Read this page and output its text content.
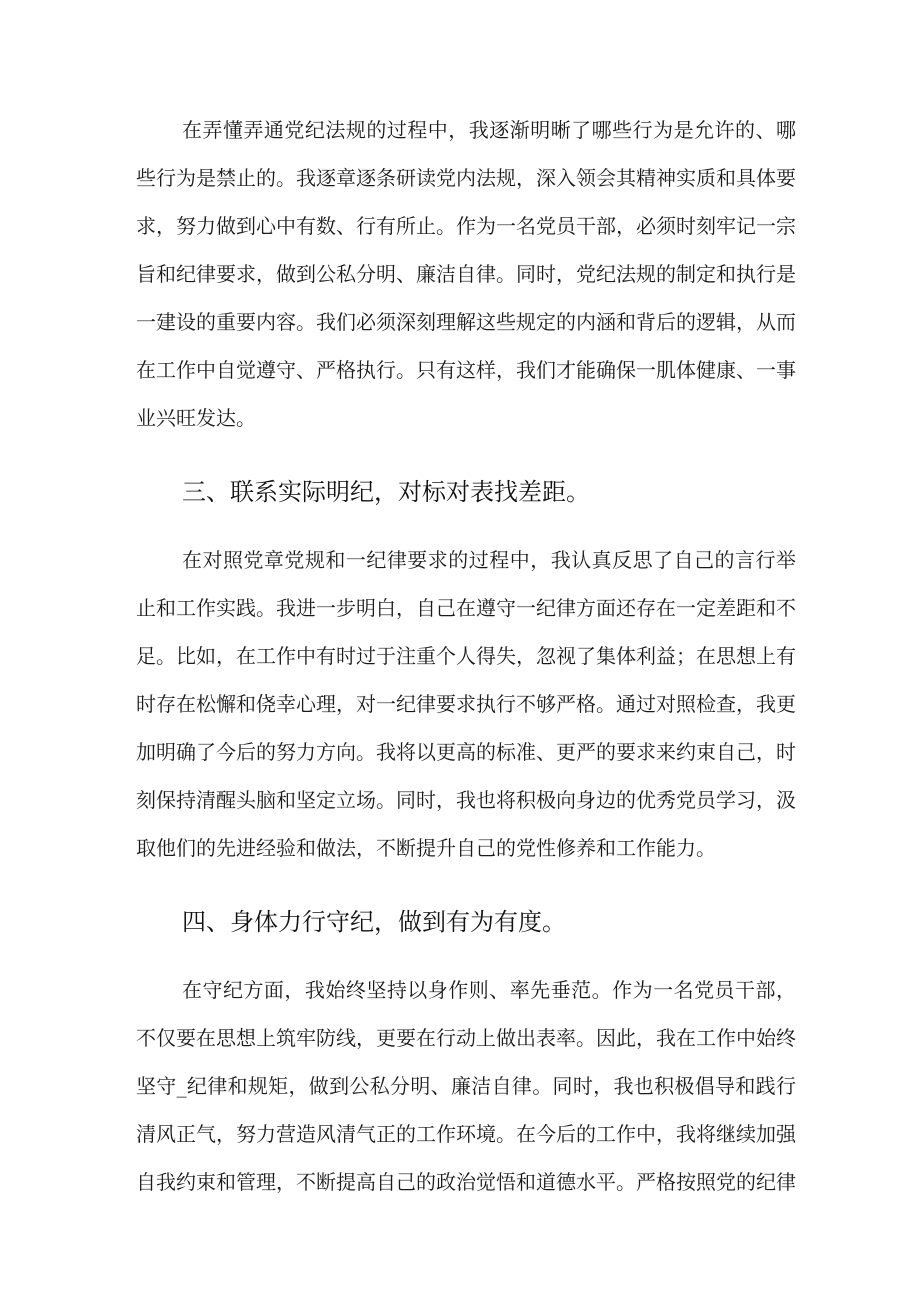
在弄懂弄通党纪法规的过程中，我逐渐明晰了哪些行为是允许的、哪
些行为是禁止的。我逐章逐条研读党内法规，深入领会其精神实质和具体要
求，努力做到心中有数、行有所止。作为一名党员干部，必须时刻牢记一宗
旨和纪律要求，做到公私分明、廉洁自律。同时，党纪法规的制定和执行是
一建设的重要内容。我们必须深刻理解这些规定的内涵和背后的逻辑，从而
在工作中自觉遵守、严格执行。只有这样，我们才能确保一肌体健康、一事
业兴旺发达。
三、联系实际明纪，对标对表找差距。
在对照党章党规和一纪律要求的过程中，我认真反思了自己的言行举
止和工作实践。我进一步明白，自己在遵守一纪律方面还存在一定差距和不
足。比如，在工作中有时过于注重个人得失，忽视了集体利益；在思想上有
时存在松懈和侥幸心理，对一纪律要求执行不够严格。通过对照检查，我更
加明确了今后的努力方向。我将以更高的标准、更严的要求来约束自己，时
刻保持清醒头脑和坚定立场。同时，我也将积极向身边的优秀党员学习，汲
取他们的先进经验和做法，不断提升自己的党性修养和工作能力。
四、身体力行守纪，做到有为有度。
在守纪方面，我始终坚持以身作则、率先垂范。作为一名党员干部，
不仅要在思想上筑牢防线，更要在行动上做出表率。因此，我在工作中始终
坚守_纪律和规矩，做到公私分明、廉洁自律。同时，我也积极倡导和践行
清风正气，努力营造风清气正的工作环境。在今后的工作中，我将继续加强
自我约束和管理，不断提高自己的政治觉悟和道德水平。严格按照党的纪律
